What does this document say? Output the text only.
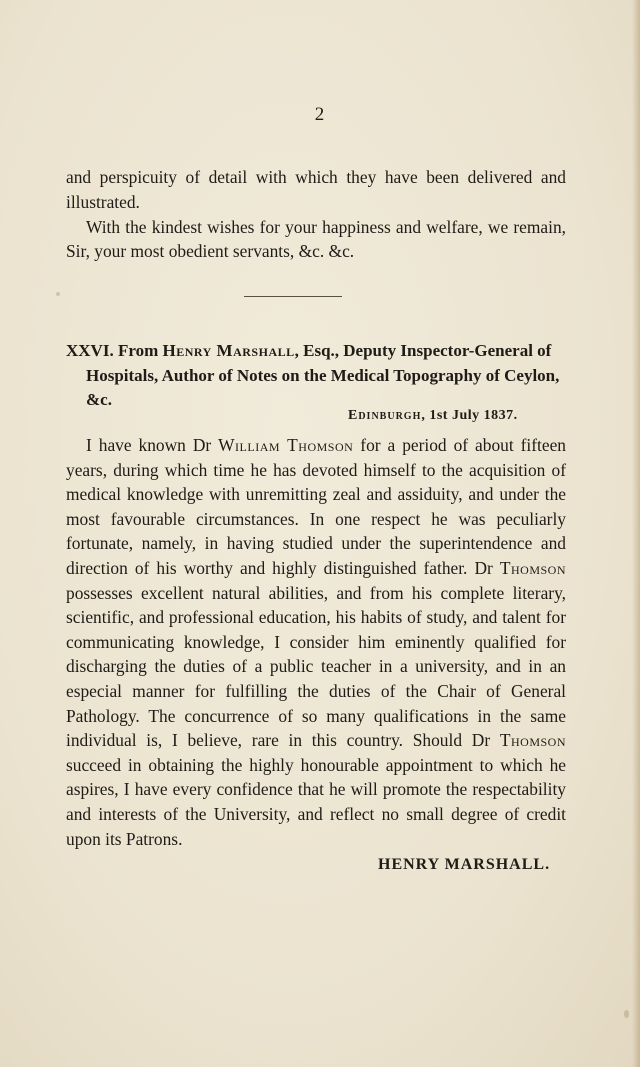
2
and perspicuity of detail with which they have been delivered and illustrated.
With the kindest wishes for your happiness and welfare, we remain, Sir, your most obedient servants, &c. &c.
XXVI. From Henry Marshall, Esq., Deputy Inspector-General of Hospitals, Author of Notes on the Medical Topography of Ceylon, &c.
Edinburgh, 1st July 1837.
I have known Dr William Thomson for a period of about fifteen years, during which time he has devoted himself to the acquisition of medical knowledge with unremitting zeal and assiduity, and under the most favourable circumstances. In one respect he was peculiarly fortunate, namely, in having studied under the superintendence and direction of his worthy and highly distinguished father. Dr Thomson possesses excellent natural abilities, and from his complete literary, scientific, and professional education, his habits of study, and talent for communicating knowledge, I consider him eminently qualified for discharging the duties of a public teacher in a university, and in an especial manner for fulfilling the duties of the Chair of General Pathology. The concurrence of so many qualifications in the same individual is, I believe, rare in this country. Should Dr Thomson succeed in obtaining the highly honourable appointment to which he aspires, I have every confidence that he will promote the respectability and interests of the University, and reflect no small degree of credit upon its Patrons.
HENRY MARSHALL.
